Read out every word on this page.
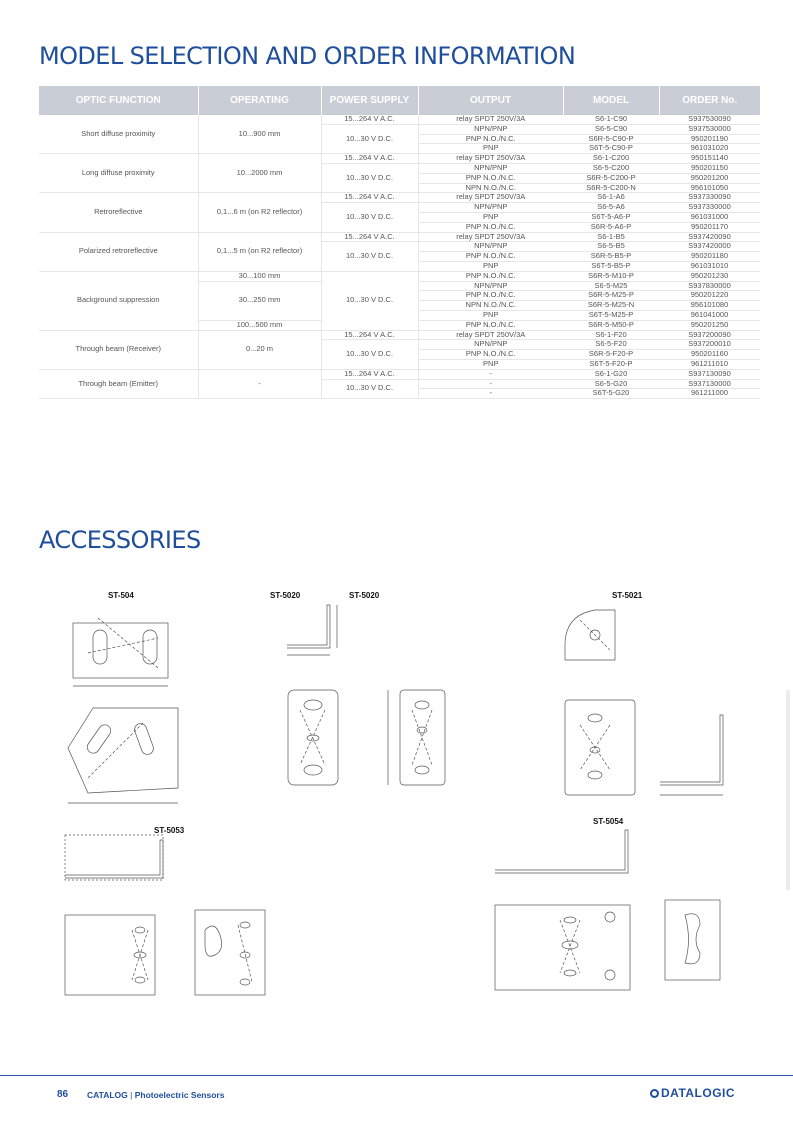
MODEL SELECTION AND ORDER INFORMATION
OPTIC FUNCTION	OPERATING	POWER SUPPLY	OUTPUT	MODEL	ORDER No.
Short diffuse proximity	10...900 mm	15...264 V A.C.	relay SPDT 250V/3A	S6-1-C90	S937530090
		10...30 V D.C.	NPN/PNP	S6-5-C90	S937530000
			PNP N.O./N.C.	S6R-5-C90-P	950201190
			PNP	S6T-5-C90-P	961031020
Long diffuse proximity	10...2000 mm	15...264 V A.C.	relay SPDT 250V/3A	S6-1-C200	950151140
		10...30 V D.C.	NPN/PNP	S6-5-C200	950201150
			PNP N.O./N.C.	S6R-5-C200-P	950201200
			NPN N.O./N.C.	S6R-5-C200-N	956101050
Retroreflective	0,1...6 m (on R2 reflector)	15...264 V A.C.	relay SPDT 250V/3A	S6-1-A6	S937330090
		10...30 V D.C.	NPN/PNP	S6-5-A6	S937330000
			PNP	S6T-5-A6-P	961031000
			PNP N.O./N.C.	S6R-5-A6-P	950201170
Polarized retroreflective	0,1...5 m (on R2 reflector)	15...264 V A.C.	relay SPDT 250V/3A	S6-1-B5	S937420090
		10...30 V D.C.	NPN/PNP	S6-5-B5	S937420000
			PNP N.O./N.C.	S6R-5-B5-P	950201180
			PNP	S6T-5-B5-P	961031010
Background suppression	30...100 mm	10...30 V D.C.	PNP N.O./N.C.	S6R-5-M10-P	950201230
	30...250 mm		NPN/PNP	S6-5-M25	S937830000
			PNP N.O./N.C.	S6R-5-M25-P	950201220
			NPN N.O./N.C.	S6R-5-M25-N	956101080
			PNP	S6T-5-M25-P	961041000
	100...500 mm		PNP N.O./N.C.	S6R-5-M50-P	950201250
Through beam (Receiver)	0...20 m	15...264 V A.C.	relay SPDT 250V/3A	S6-1-F20	S937200090
		10...30 V D.C.	NPN/PNP	S6-5-F20	S937200010
			PNP N.O./N.C.	S6R-5-F20-P	950201160
			PNP	S6T-5-F20-P	961211010
Through beam (Emitter)	-	15...264 V A.C.	-	S6-1-G20	S937130090
		10...30 V D.C.	-	S6-5-G20	S937130000
			-	S6T-5-G20	961211000
ACCESSORIES
ST-504	ST-5020	ST-5020	ST-5021
ST-5053
ST-5054
86 CATALOG | Photoelectric Sensors	DATALOGIC
